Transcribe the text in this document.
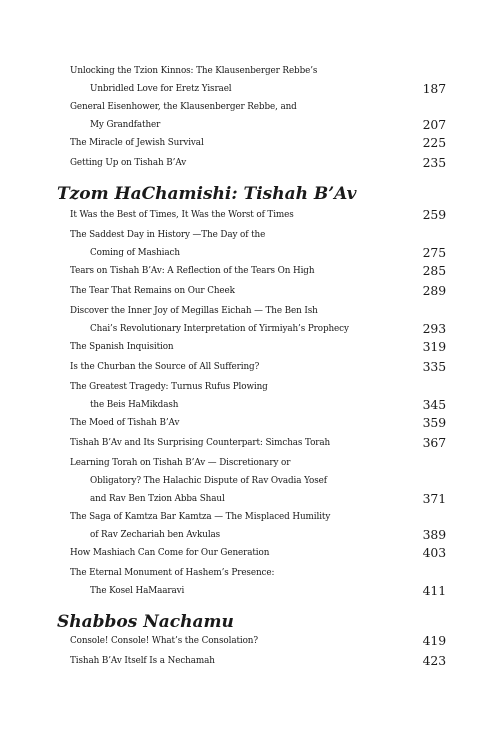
Unlocking the Tzion Kinnos: The Klausenberger Rebbe’s
Unbridled Love for Eretz Yisrael	187
General Eisenhower, the Klausenberger Rebbe, and
My Grandfather	207
The Miracle of Jewish Survival	225
Getting Up on Tishah B’Av	235
Tzom HaChamishi: Tishah B’Av
It Was the Best of Times, It Was the Worst of Times	259
The Saddest Day in History —The Day of the
Coming of Mashiach	275
Tears on Tishah B’Av: A Reflection of the Tears On High	285
The Tear That Remains on Our Cheek	289
Discover the Inner Joy of Megillas Eichah — The Ben Ish
Chai’s Revolutionary Interpretation of Yirmiyah’s Prophecy	293
The Spanish Inquisition	319
Is the Churban the Source of All Suffering?	335
The Greatest Tragedy: Turnus Rufus Plowing
the Beis HaMikdash	345
The Moed of Tishah B’Av	359
Tishah B’Av and Its Surprising Counterpart: Simchas Torah	367
Learning Torah on Tishah B’Av — Discretionary or
Obligatory? The Halachic Dispute of Rav Ovadia Yosef
and Rav Ben Tzion Abba Shaul	371
The Saga of Kamtza Bar Kamtza — The Misplaced Humility
of Rav Zechariah ben Avkulas	389
How Mashiach Can Come for Our Generation	403
The Eternal Monument of Hashem’s Presence:
The Kosel HaMaaravi	411
Shabbos Nachamu
Console! Console! What’s the Consolation?	419
Tishah B’Av Itself Is a Nechamah	423
